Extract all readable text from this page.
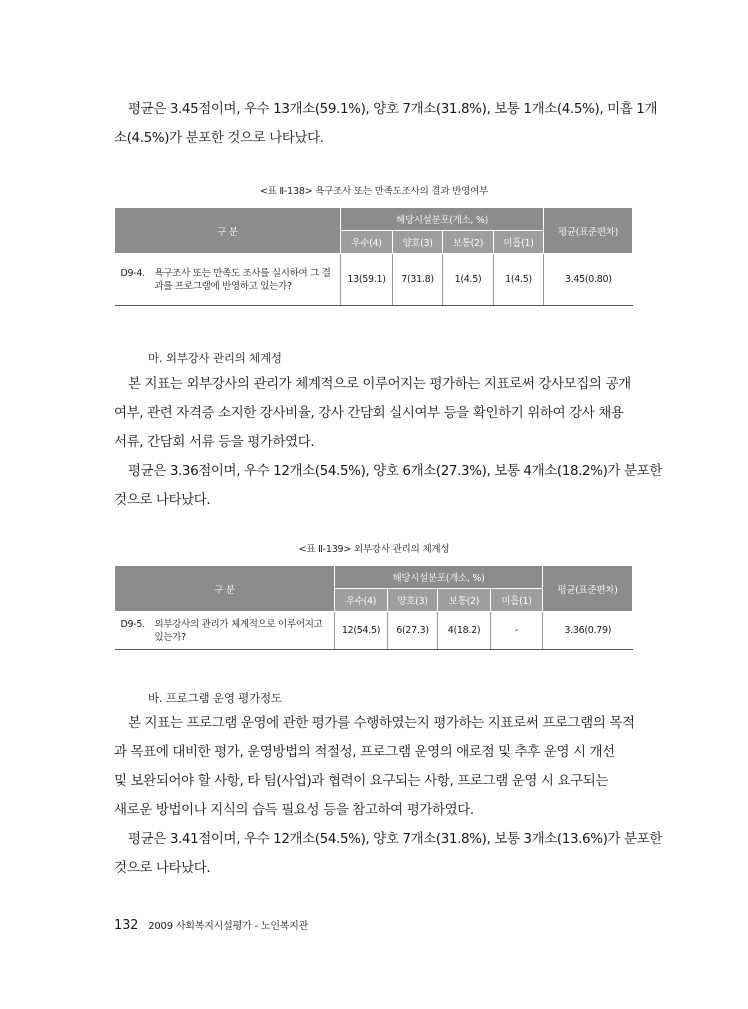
평균은 3.45점이며, 우수 13개소(59.1%), 양호 7개소(31.8%), 보통 1개소(4.5%), 미흡 1개
소(4.5%)가 분포한 것으로 나타났다.
<표 Ⅱ-138> 욕구조사 또는 만족도조사의 결과 반영여부
구 분	해당시설분포(개소, %)				평균(표준편차)
	우수(4)	양호(3)	보통(2)	미흡(1)	

D9-4. 욕구조사 또는 만족도 조사를 실시하여 그 결과를 프로그램에 반영하고 있는가?	13(59.1)	7(31.8)	1(4.5)	1(4.5)	3.45(0.80)
마. 외부강사 관리의 체계성
본 지표는 외부강사의 관리가 체계적으로 이루어지는 평가하는 지표로써 강사모집의 공개
여부, 관련 자격증 소지한 강사비율, 강사 간담회 실시여부 등을 확인하기 위하여 강사 채용
서류, 간담회 서류 등을 평가하였다.
평균은 3.36점이며, 우수 12개소(54.5%), 양호 6개소(27.3%), 보통 4개소(18.2%)가 분포한
것으로 나타났다.
<표 Ⅱ-139> 외부강사 관리의 체계성
구 분	해당시설분포(개소, %)				평균(표준편차)
	우수(4)	양호(3)	보통(2)	미흡(1)	

D9-5. 외부강사의 관리가 체계적으로 이루어지고 있는가?	12(54.5)	6(27.3)	4(18.2)	-	3.36(0.79)
바. 프로그램 운영 평가정도
본 지표는 프로그램 운영에 관한 평가를 수행하였는지 평가하는 지표로써 프로그램의 목적
과 목표에 대비한 평가, 운영방법의 적절성, 프로그램 운영의 애로점 및 추후 운영 시 개선
및 보완되어야 할 사항, 타 팀(사업)과 협력이 요구되는 사항, 프로그램 운영 시 요구되는
새로운 방법이나 지식의 습득 필요성 등을 참고하여 평가하였다.
평균은 3.41점이며, 우수 12개소(54.5%), 양호 7개소(31.8%), 보통 3개소(13.6%)가 분포한
것으로 나타났다.
132 2009 사회복지시설평가 - 노인복지관
